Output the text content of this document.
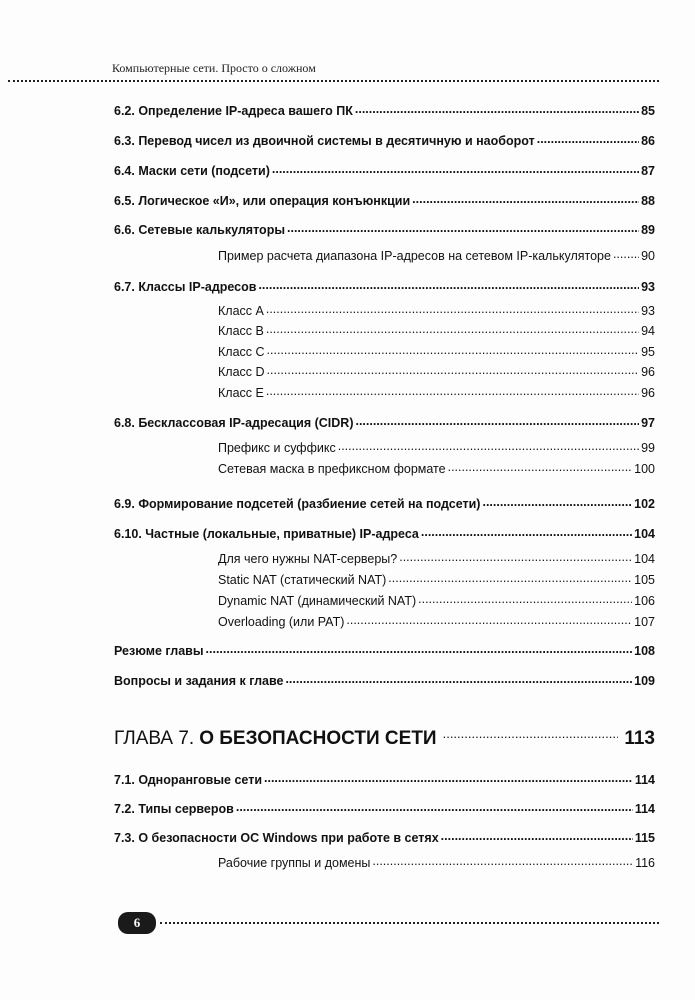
Компьютерные сети. Просто о сложном
6.2. Определение IP-адреса вашего ПК .....	85
6.3. Перевод чисел из двоичной системы в десятичную и наоборот .....	86
6.4. Маски сети (подсети) .....	87
6.5. Логическое «И», или операция конъюнкции .....	88
6.6. Сетевые калькуляторы .....	89
Пример расчета диапазона IP-адресов на сетевом IP-калькуляторе ..... 90
6.7. Классы IP-адресов .....	93
Класс А .....	93
Класс В .....	94
Класс С .....	95
Класс D .....	96
Класс Е .....	96
6.8. Бесклассовая IP-адресация (CIDR) .....	97
Префикс и суффикс .....	99
Сетевая маска в префиксном формате .....	100
6.9. Формирование подсетей (разбиение сетей на подсети) .....	102
6.10. Частные (локальные, приватные) IP-адреса .....	104
Для чего нужны NAT-серверы? .....	104
Static NAT (статический NAT) .....	105
Dynamic NAT (динамический NAT) .....	106
Overloading (или PAT) .....	107
Резюме главы .....	108
Вопросы и задания к главе .....	109
ГЛАВА 7. О БЕЗОПАСНОСТИ СЕТИ .....	113
7.1. Одноранговые сети .....	114
7.2. Типы серверов .....	114
7.3. О безопасности ОС Windows при работе в сетях .....	115
Рабочие группы и домены .....	116
6
